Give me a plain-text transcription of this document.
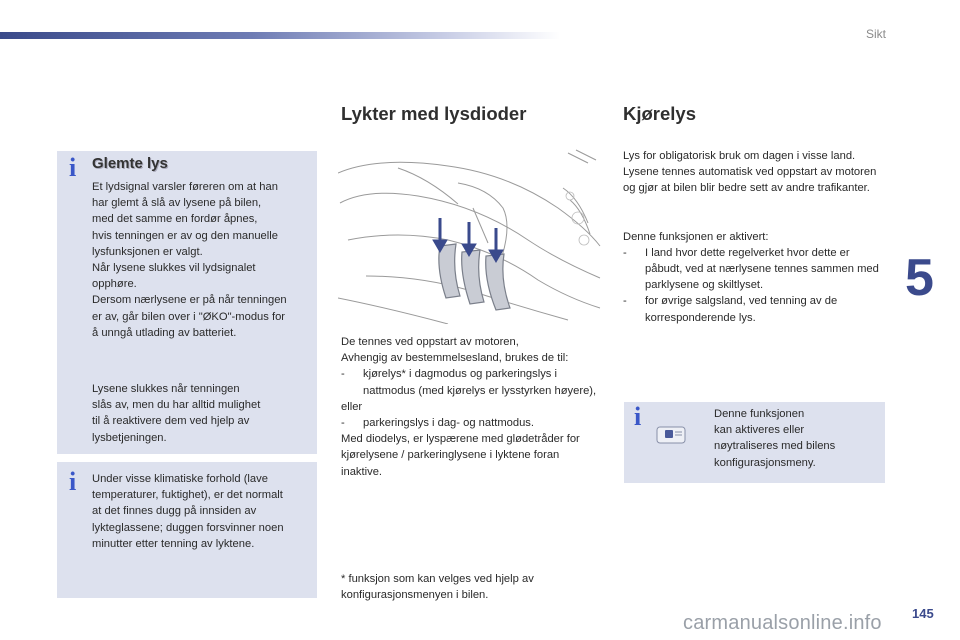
Sikt
5
i Glemte lys
Et lydsignal varsler føreren om at han
har glemt å slå av lysene på bilen,
med det samme en fordør åpnes,
hvis tenningen er av og den manuelle
lysfunksjonen er valgt.
Når lysene slukkes vil lydsignalet
opphøre.
Dersom nærlysene er på når tenningen
er av, går bilen over i "ØKO"-modus for
å unngå utlading av batteriet.
Lysene slukkes når tenningen
slås av, men du har alltid mulighet
til å reaktivere dem ved hjelp av
lysbetjeningen.
i Under visse klimatiske forhold (lave
temperaturer, fuktighet), er det normalt
at det finnes dugg på innsiden av
lykteglassene; duggen forsvinner noen
minutter etter tenning av lyktene.
Lykter med lysdioder

De tennes ved oppstart av motoren,

Avhengig av bestemmelsesland, brukes de til:

- kjørelys* i dagmodus og parkeringslys i nattmodus (med kjørelys er lysstyrken høyere),

eller

- parkeringslys i dag- og nattmodus.

Med diodelys, er lyspærene med glødetråder for kjørelysene / parkeringlysene i lyktene foran inaktive.

* funksjon som kan velges ved hjelp av
konfigurasjonsmenyen i bilen.
Kjørelys

Lys for obligatorisk bruk om dagen i visse land. Lysene tennes automatisk ved oppstart av motoren og gjør at bilen blir bedre sett av andre trafikanter.

Denne funksjonen er aktivert:

- I land hvor dette regelverket hvor dette er påbudt, ved at nærlysene tennes sammen med parklysene og skiltlyset.
- for øvrige salgsland, ved tenning av de korresponderende lys.
i	Denne funksjonen
kan aktiveres eller
nøytraliseres med bilens
konfigurasjonsmeny.
carmanualsonline.info 145
